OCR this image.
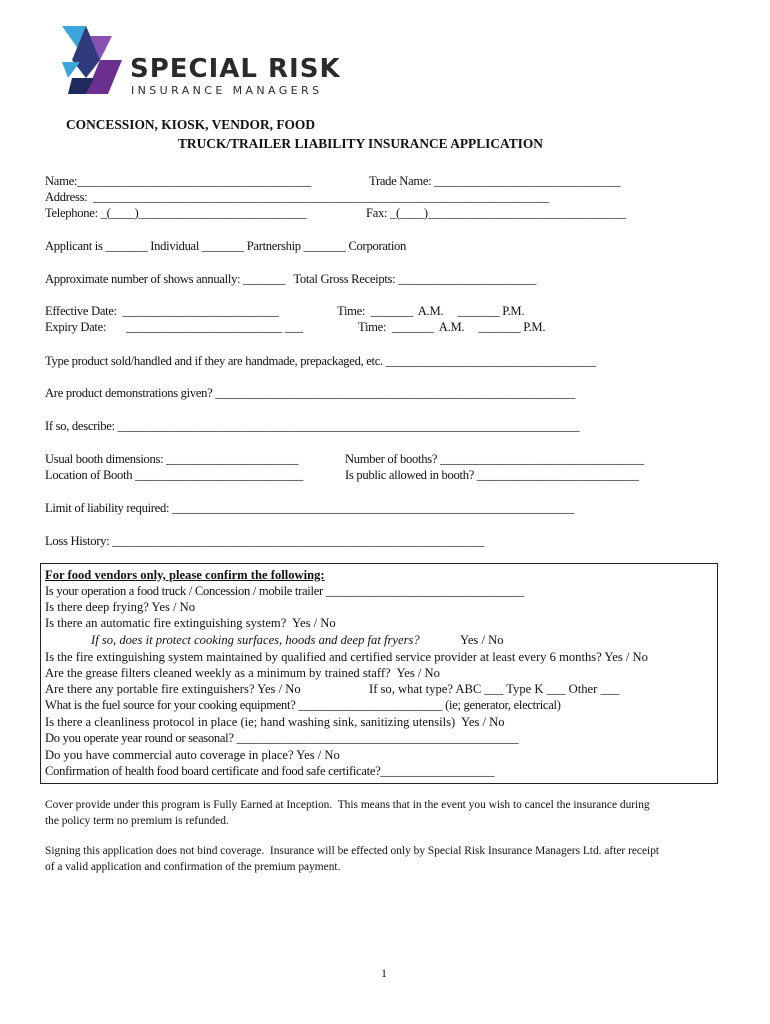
SPECIAL RISK
INSURANCE MANAGERS
CONCESSION, KIOSK, VENDOR, FOOD
TRUCK/TRAILER LIABILITY INSURANCE APPLICATION
Name:_______________________________________	Trade Name: _______________________________
Address:  ____________________________________________________________________________
Telephone: _(____)____________________________	Fax: _(____)_________________________________
Applicant is _______ Individual _______ Partnership _______ Corporation
Approximate number of shows annually: _______   Total Gross Receipts: _______________________
Effective Date:  __________________________	Time:  _______  A.M.     _______ P.M.
Expiry Date:       __________________________ ___	Time:  _______  A.M.     _______ P.M.
Type product sold/handled and if they are handmade, prepackaged, etc. ___________________________________
Are product demonstrations given? ____________________________________________________________
If so, describe: _____________________________________________________________________________
Usual booth dimensions: ______________________	Number of booths? __________________________________
Location of Booth ____________________________	Is public allowed in booth? ___________________________
Limit of liability required: ___________________________________________________________________
Loss History: ______________________________________________________________
For food vendors only, please confirm the following:
Is your operation a food truck / Concession / mobile trailer _________________________________
Is there deep frying? Yes / No
Is there an automatic fire extinguishing system?  Yes / No
If so, does it protect cooking surfaces, hoods and deep fat fryers?	Yes / No
Is the fire extinguishing system maintained by qualified and certified service provider at least every 6 months? Yes / No
Are the grease filters cleaned weekly as a minimum by trained staff?  Yes / No
Are there any portable fire extinguishers? Yes / No	If so, what type? ABC ___ Type K ___ Other ___
What is the fuel source for your cooking equipment? ________________________ (ie; generator, electrical)
Is there a cleanliness protocol in place (ie; hand washing sink, sanitizing utensils)  Yes / No
Do you operate year round or seasonal? _______________________________________________
Do you have commercial auto coverage in place? Yes / No
Confirmation of health food board certificate and food safe certificate?___________________
Cover provide under this program is Fully Earned at Inception.  This means that in the event you wish to cancel the insurance during
the policy term no premium is refunded.
Signing this application does not bind coverage.  Insurance will be effected only by Special Risk Insurance Managers Ltd. after receipt
of a valid application and confirmation of the premium payment.
1
